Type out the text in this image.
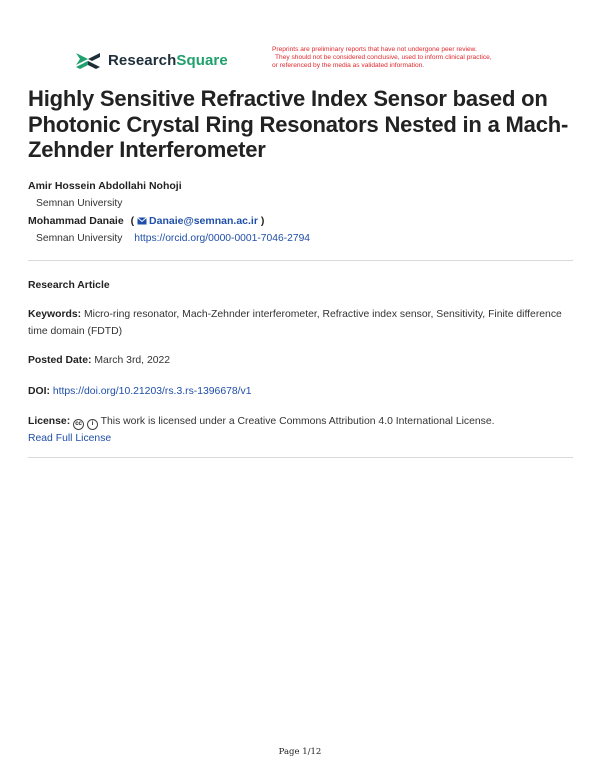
ResearchSquare
Preprints are preliminary reports that have not undergone peer review.
They should not be considered conclusive, used to inform clinical practice,
or referenced by the media as validated information.
Highly Sensitive Refractive Index Sensor based on Photonic Crystal Ring Resonators Nested in a Mach-Zehnder Interferometer
Amir Hossein Abdollahi Nohoji
Semnan University
Mohammad Danaie ( Danaie@semnan.ac.ir )
Semnan University https://orcid.org/0000-0001-7046-2794
Research Article
Keywords: Micro-ring resonator, Mach-Zehnder interferometer, Refractive index sensor, Sensitivity, Finite difference time domain (FDTD)
Posted Date: March 3rd, 2022
DOI: https://doi.org/10.21203/rs.3.rs-1396678/v1
License: cc i This work is licensed under a Creative Commons Attribution 4.0 International License.
Read Full License
Page 1/12
